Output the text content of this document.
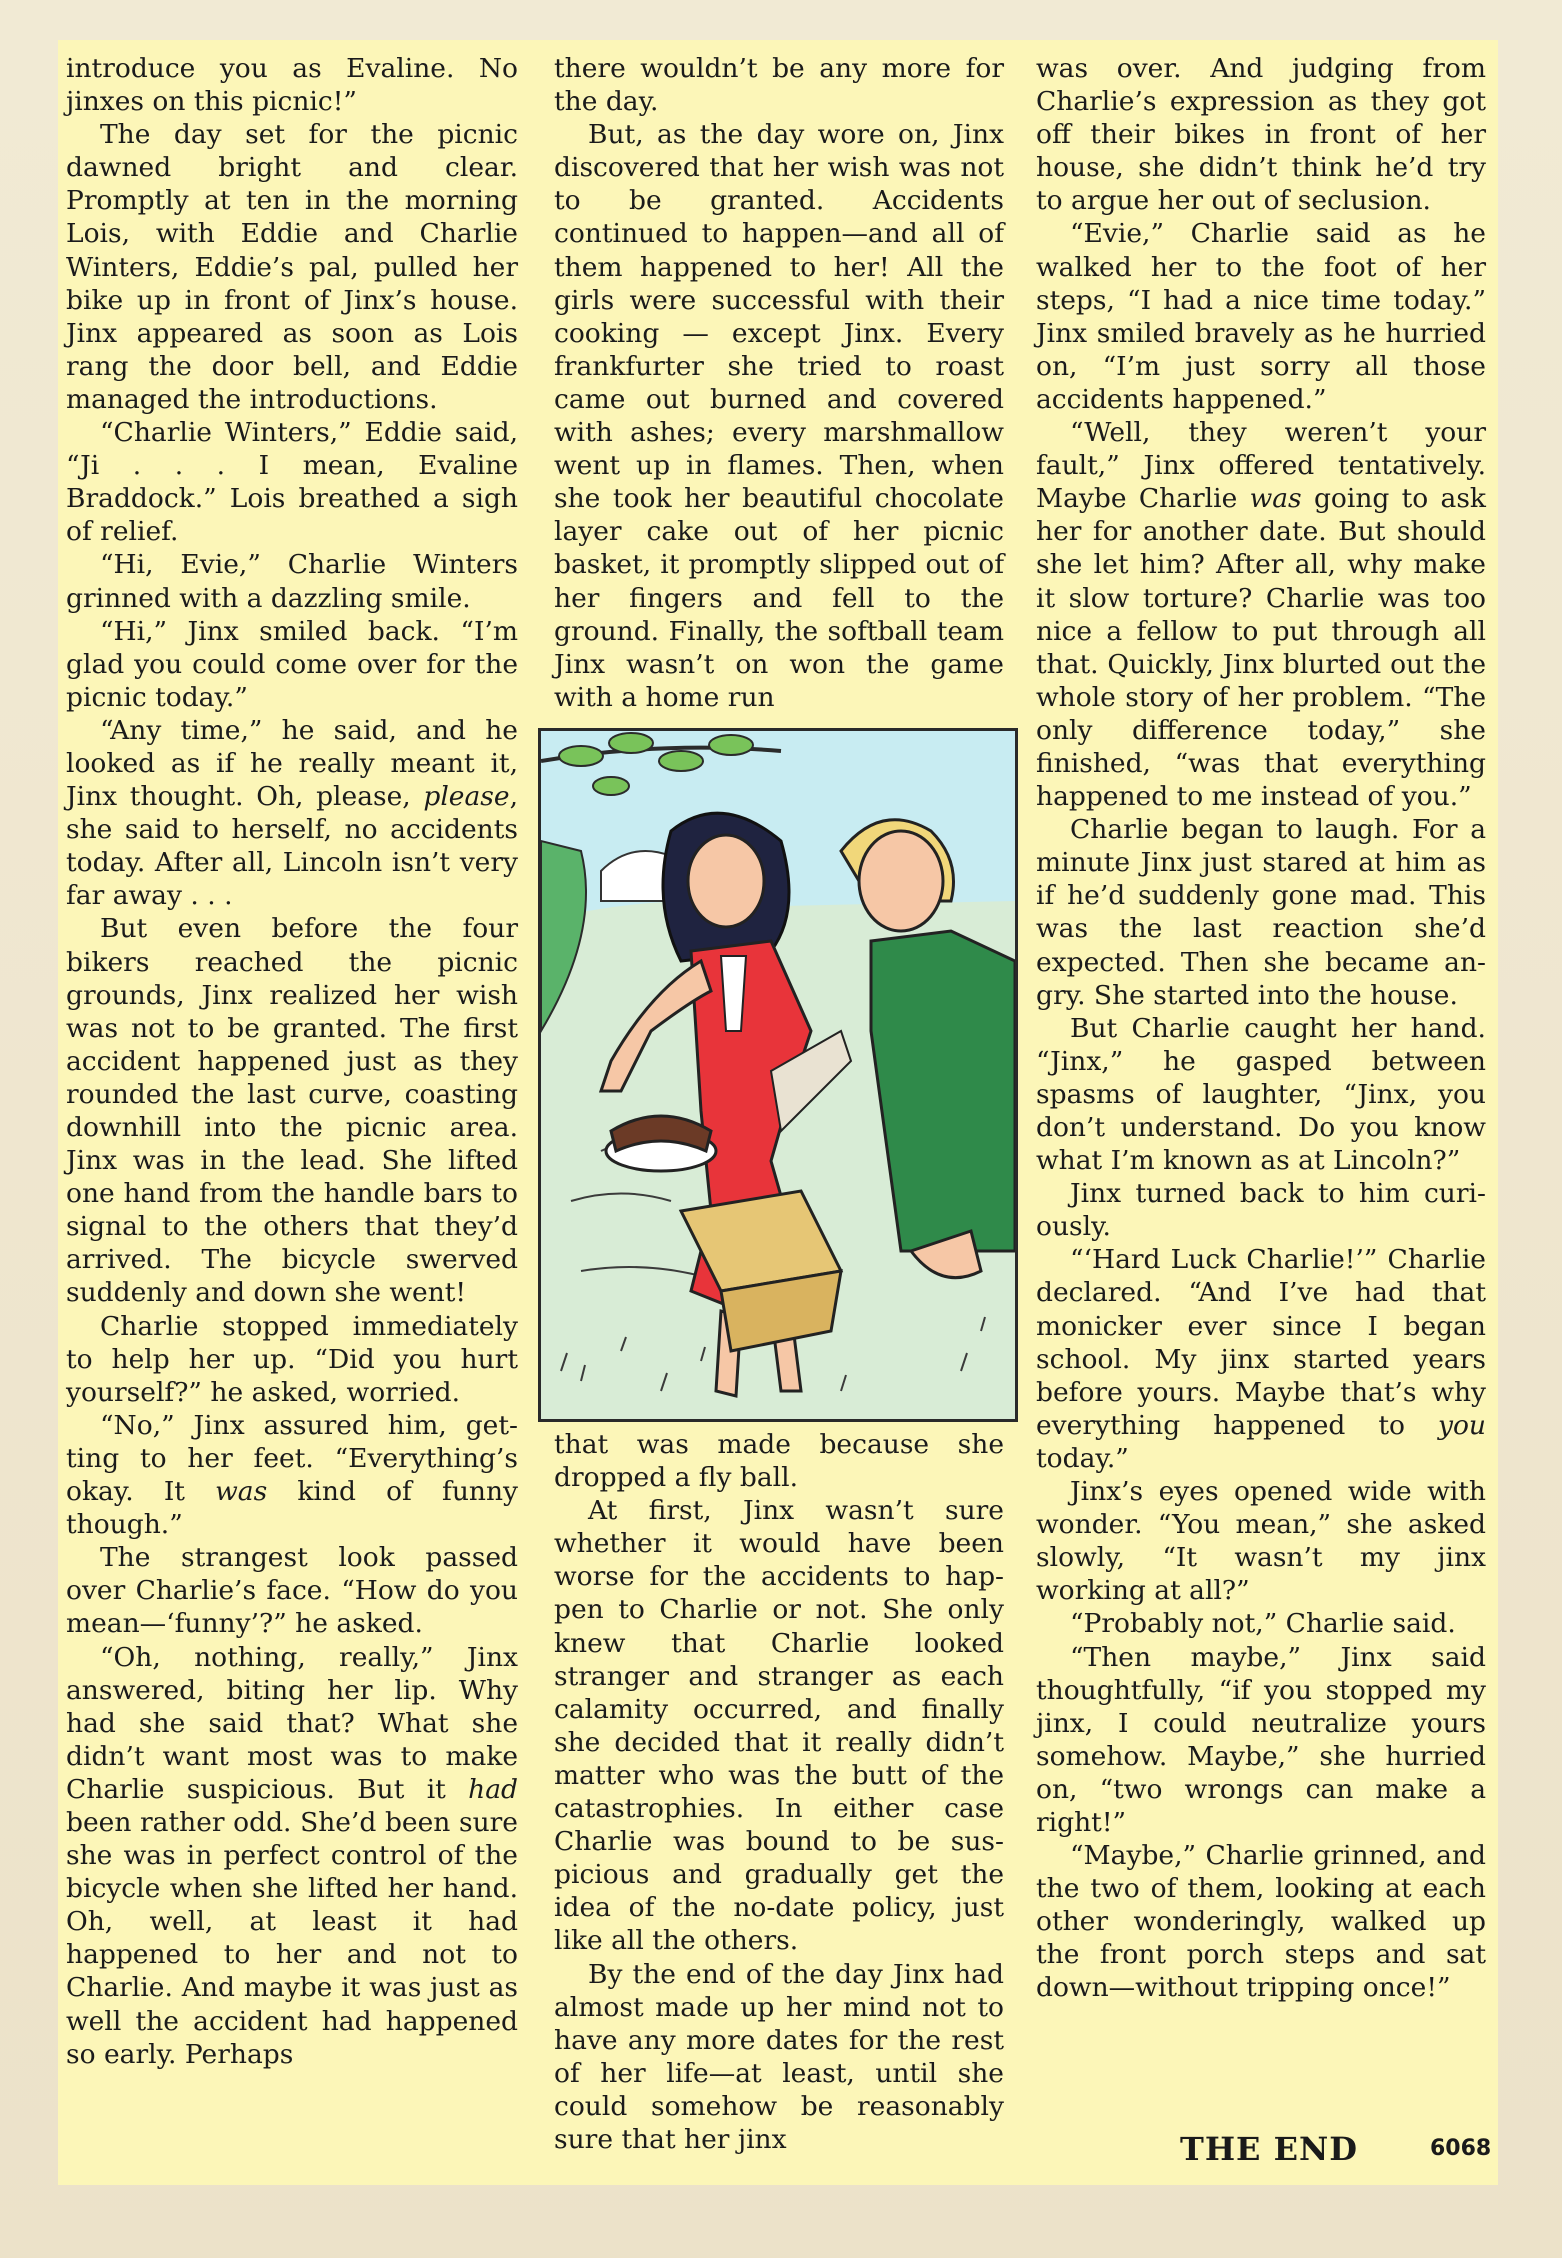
introduce you as Evaline. No jinxes on this picnic!”

The day set for the picnic dawned bright and clear. Promptly at ten in the morning Lois, with Eddie and Charlie Winters, Eddie’s pal, pulled her bike up in front of Jinx’s house. Jinx appeared as soon as Lois rang the door bell, and Eddie managed the introductions.

“Charlie Winters,” Eddie said, “Ji . . . I mean, Evaline Braddock.” Lois breathed a sigh of relief.

“Hi, Evie,” Charlie Winters grinned with a dazzling smile.

“Hi,” Jinx smiled back. “I’m glad you could come over for the picnic today.”

“Any time,” he said, and he looked as if he really meant it, Jinx thought. Oh, please, please, she said to herself, no accidents today. After all, Lincoln isn’t very far away . . .

But even before the four bikers reached the picnic grounds, Jinx realized her wish was not to be granted. The first accident happened just as they rounded the last curve, coasting downhill into the picnic area. Jinx was in the lead. She lifted one hand from the handle bars to signal to the others that they’d arrived. The bicycle swerved suddenly and down she went!

Charlie stopped immediately to help her up. “Did you hurt yourself?” he asked, worried.

“No,” Jinx assured him, getting to her feet. “Everything’s okay. It was kind of funny though.”

The strangest look passed over Charlie’s face. “How do you mean—‘funny’?” he asked.

“Oh, nothing, really,” Jinx answered, biting her lip. Why had she said that? What she didn’t want most was to make Charlie suspicious. But it had been rather odd. She’d been sure she was in perfect control of the bicycle when she lifted her hand. Oh, well, at least it had happened to her and not to Charlie. And maybe it was just as well the accident had happened so early. Perhaps

there wouldn’t be any more for the day.

But, as the day wore on, Jinx discovered that her wish was not to be granted. Accidents continued to happen—and all of them happened to her! All the girls were successful with their cooking — except Jinx. Every frankfurter she tried to roast came out burned and covered with ashes; every marshmallow went up in flames. Then, when she took her beautiful chocolate layer cake out of her picnic basket, it promptly slipped out of her fingers and fell to the ground. Finally, the softball team Jinx wasn’t on won the game with a home run

that was made because she dropped a fly ball.

At first, Jinx wasn’t sure whether it would have been worse for the accidents to happen to Charlie or not. She only knew that Charlie looked stranger and stranger as each calamity occurred, and finally she decided that it really didn’t matter who was the butt of the catastrophies. In either case Charlie was bound to be suspicious and gradually get the idea of the no-date policy, just like all the others.

By the end of the day Jinx had almost made up her mind not to have any more dates for the rest of her life—at least, until she could somehow be reasonably sure that her jinx

was over. And judging from Charlie’s expression as they got off their bikes in front of her house, she didn’t think he’d try to argue her out of seclusion.

“Evie,” Charlie said as he walked her to the foot of her steps, “I had a nice time today.” Jinx smiled bravely as he hurried on, “I’m just sorry all those accidents happened.”

“Well, they weren’t your fault,” Jinx offered tentatively. Maybe Charlie was going to ask her for another date. But should she let him? After all, why make it slow torture? Charlie was too nice a fellow to put through all that. Quickly, Jinx blurted out the whole story of her problem. “The only difference today,” she finished, “was that everything happened to me instead of you.”

Charlie began to laugh. For a minute Jinx just stared at him as if he’d suddenly gone mad. This was the last reaction she’d expected. Then she became angry. She started into the house.

But Charlie caught her hand. “Jinx,” he gasped between spasms of laughter, “Jinx, you don’t understand. Do you know what I’m known as at Lincoln?”

Jinx turned back to him curiously.

“‘Hard Luck Charlie!’” Charlie declared. “And I’ve had that monicker ever since I began school. My jinx started years before yours. Maybe that’s why everything happened to you today.”

Jinx’s eyes opened wide with wonder. “You mean,” she asked slowly, “It wasn’t my jinx working at all?”

“Probably not,” Charlie said.

“Then maybe,” Jinx said thoughtfully, “if you stopped my jinx, I could neutralize yours somehow. Maybe,” she hurried on, “two wrongs can make a right!”

“Maybe,” Charlie grinned, and the two of them, looking at each other wonderingly, walked up the front porch steps and sat down—without tripping once!”

THE END	6068
